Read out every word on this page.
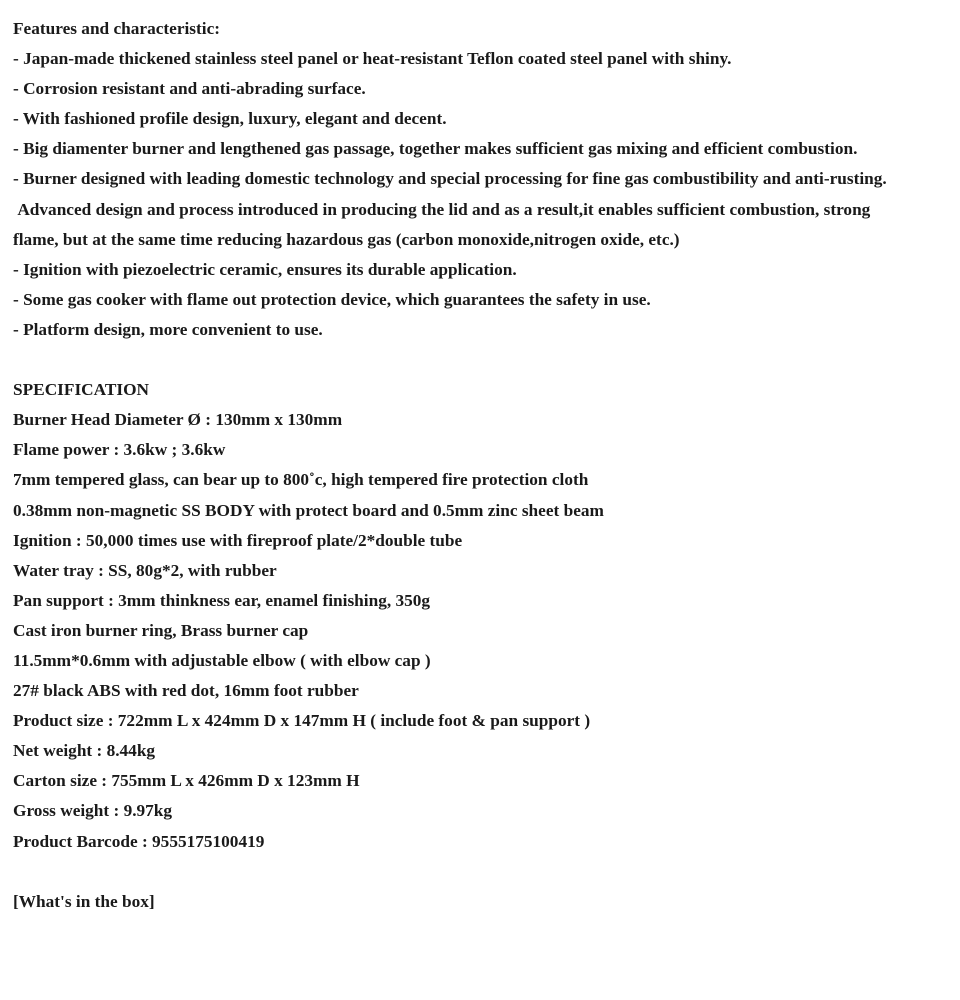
Features and characteristic:

- Japan-made thickened stainless steel panel or heat-resistant Teflon coated steel panel with shiny.

- Corrosion resistant and anti-abrading surface.

- With fashioned profile design, luxury, elegant and decent.

- Big diamenter burner and lengthened gas passage, together makes sufficient gas mixing and efficient combustion.

- Burner designed with leading domestic technology and special processing for fine gas combustibility and anti-rusting.

Advanced design and process introduced in producing the lid and as a result,it enables sufficient combustion, strong flame, but at the same time reducing hazardous gas (carbon monoxide,nitrogen oxide, etc.)

- Ignition with piezoelectric ceramic, ensures its durable application.

- Some gas cooker with flame out protection device, which guarantees the safety in use.

- Platform design, more convenient to use.

SPECIFICATION

Burner Head Diameter Ø : 130mm x 130mm

Flame power : 3.6kw ; 3.6kw

7mm tempered glass, can bear up to 800˚c, high tempered fire protection cloth

0.38mm non-magnetic SS BODY with protect board and 0.5mm zinc sheet beam

Ignition : 50,000 times use with fireproof plate/2*double tube

Water tray : SS, 80g*2, with rubber

Pan support : 3mm thinkness ear, enamel finishing, 350g

Cast iron burner ring, Brass burner cap

11.5mm*0.6mm with adjustable elbow ( with elbow cap )

27# black ABS with red dot, 16mm foot rubber

Product size : 722mm L x 424mm D x 147mm H ( include foot & pan support )

Net weight : 8.44kg

Carton size : 755mm L x 426mm D x 123mm H

Gross weight : 9.97kg

Product Barcode : 9555175100419

[What's in the box]
